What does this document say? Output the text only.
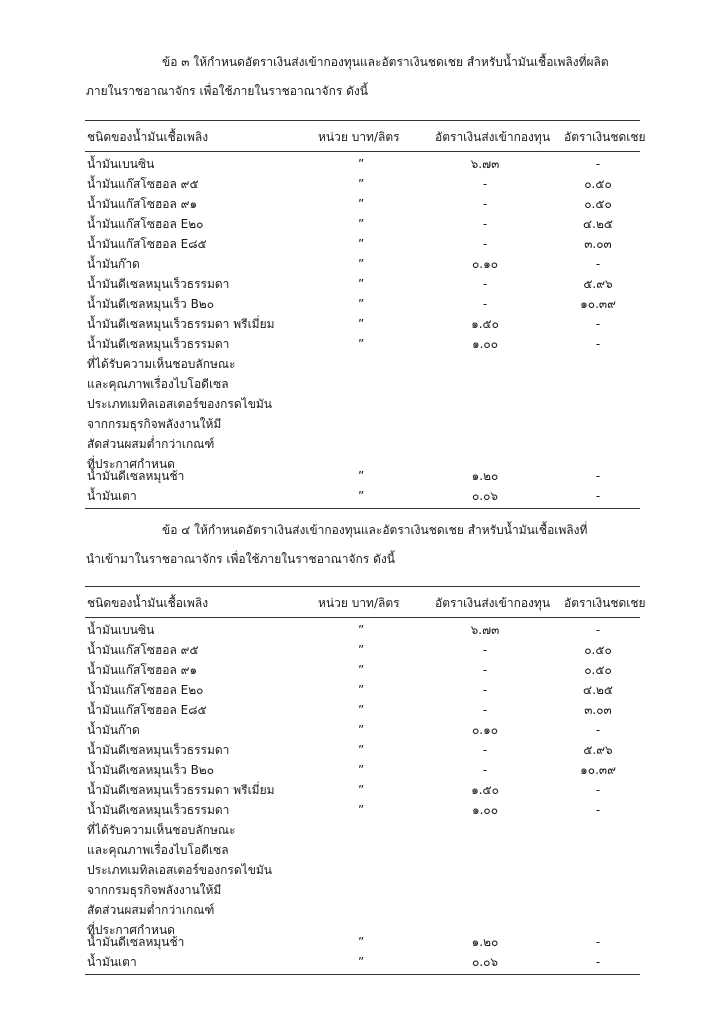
ข้อ ๓ ให้กำหนดอัตราเงินส่งเข้ากองทุนและอัตราเงินชดเชย สำหรับน้ำมันเชื้อเพลิงที่ผลิต
ภายในราชอาณาจักร เพื่อใช้ภายในราชอาณาจักร ดังนี้

ชนิดของน้ำมันเชื้อเพลิง	หน่วย บาท/ลิตร	อัตราเงินส่งเข้ากองทุน อัตราเงินชดเชย
น้ำมันเบนซิน	”	๖.๗๓	-
น้ำมันแก๊สโซฮอล ๙๕	”	-	๐.๕๐
น้ำมันแก๊สโซฮอล ๙๑	”	-	๐.๕๐
น้ำมันแก๊สโซฮอล E๒๐	”	-	๔.๒๕
น้ำมันแก๊สโซฮอล E๘๕	”	-	๓.๐๓
น้ำมันก๊าด	”	๐.๑๐	-
น้ำมันดีเซลหมุนเร็วธรรมดา	”	-	๕.๙๖
น้ำมันดีเซลหมุนเร็ว B๒๐	”	-	๑๐.๓๙
น้ำมันดีเซลหมุนเร็วธรรมดา พรีเมี่ยม	”	๑.๕๐	-
น้ำมันดีเซลหมุนเร็วธรรมดา
ที่ได้รับความเห็นชอบลักษณะ
และคุณภาพเรื่องไบโอดีเซล
ประเภทเมทิลเอสเตอร์ของกรดไขมัน
จากกรมธุรกิจพลังงานให้มี
สัดส่วนผสมต่ำกว่าเกณฑ์
ที่ประกาศกำหนด
”	๑.๐๐	-
น้ำมันดีเซลหมุนช้า	”	๑.๒๐	-
น้ำมันเตา	”	๐.๐๖	-

ข้อ ๔ ให้กำหนดอัตราเงินส่งเข้ากองทุนและอัตราเงินชดเชย สำหรับน้ำมันเชื้อเพลิงที่
นำเข้ามาในราชอาณาจักร เพื่อใช้ภายในราชอาณาจักร ดังนี้

ชนิดของน้ำมันเชื้อเพลิง	หน่วย บาท/ลิตร	อัตราเงินส่งเข้ากองทุน อัตราเงินชดเชย
น้ำมันเบนซิน	”	๖.๗๓	-
น้ำมันแก๊สโซฮอล ๙๕	”	-	๐.๕๐
น้ำมันแก๊สโซฮอล ๙๑	”	-	๐.๕๐
น้ำมันแก๊สโซฮอล E๒๐	”	-	๔.๒๕
น้ำมันแก๊สโซฮอล E๘๕	”	-	๓.๐๓
น้ำมันก๊าด	”	๐.๑๐	-
น้ำมันดีเซลหมุนเร็วธรรมดา	”	-	๕.๙๖
น้ำมันดีเซลหมุนเร็ว B๒๐	”	-	๑๐.๓๙
น้ำมันดีเซลหมุนเร็วธรรมดา พรีเมี่ยม	”	๑.๕๐	-
น้ำมันดีเซลหมุนเร็วธรรมดา
ที่ได้รับความเห็นชอบลักษณะ
และคุณภาพเรื่องไบโอดีเซล
ประเภทเมทิลเอสเตอร์ของกรดไขมัน
จากกรมธุรกิจพลังงานให้มี
สัดส่วนผสมต่ำกว่าเกณฑ์
ที่ประกาศกำหนด
”	๑.๐๐	-
น้ำมันดีเซลหมุนช้า	”	๑.๒๐	-
น้ำมันเตา	”	๐.๐๖	-
